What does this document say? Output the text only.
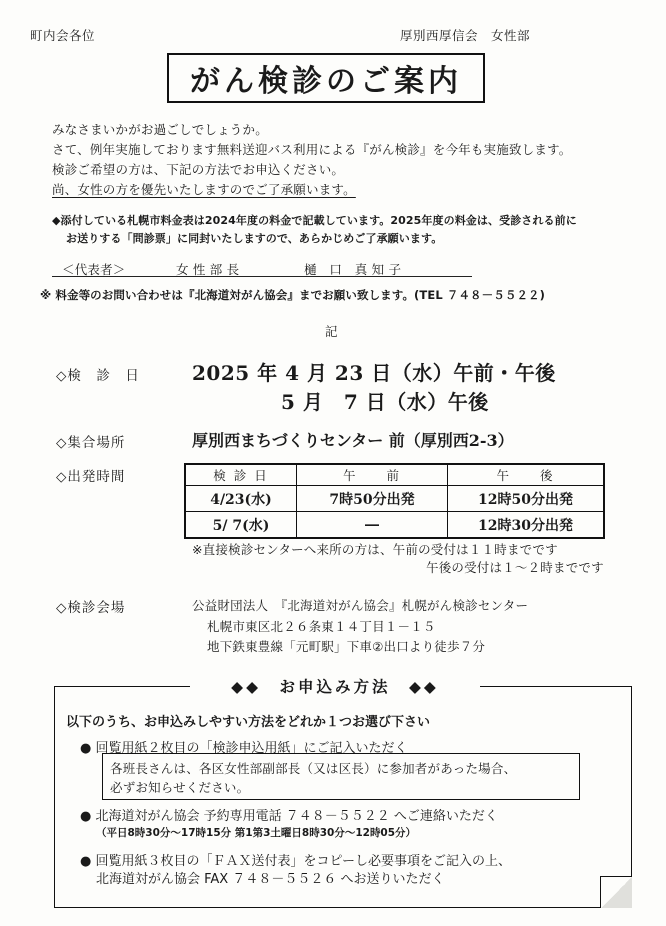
町内会各位	厚別西厚信会　女性部
がん検診のご案内
みなさまいかがお過ごしでしょうか。
さて、例年実施しております無料送迎バス利用による『がん検診』を今年も実施致します。
検診ご希望の方は、下記の方法でお申込ください。
尚、女性の方を優先いたしますのでご了承願います。
◆添付している札幌市料金表は2024年度の料金で記載しています。2025年度の料金は、受診される前に
お送りする「問診票」に同封いたしますので、あらかじめご了承願います。
＜代表者＞	女 性 部 長	樋　口　真 知 子
※ 料金等のお問い合わせは『北海道対がん協会』までお願い致します。(TEL ７４８－５５２２)
記
◇検　診　日	2025 年 4 月 23 日（水）午前・午後
5 月　7 日（水）午後
◇集合場所	厚別西まちづくりセンター 前（厚別西2-3）
◇出発時間	検 診 日	午　　前	午　　後
4/23(水)	7時50分出発	12時50分出発
5/ 7(水)	―	12時30分出発
※直接検診センターへ来所の方は、午前の受付は１１時までです
午後の受付は１～２時までです
◇検診会場	公益財団法人　『北海道対がん協会』札幌がん検診センター
札幌市東区北２６条東１４丁目１－１５
地下鉄東豊線「元町駅」下車②出口より徒歩７分
◆◆　お申込み方法　◆◆
以下のうち、お申込みしやすい方法をどれか１つお選び下さい
● 回覧用紙２枚目の「検診申込用紙」にご記入いただく
各班長さんは、各区女性部副部長（又は区長）に参加者があった場合、
必ずお知らせください。
● 北海道対がん協会 予約専用電話 ７４８－５５２２ へご連絡いただく
（平日8時30分～17時15分 第1第3土曜日8時30分～12時05分）
● 回覧用紙３枚目の「ＦＡＸ送付表」をコピーし必要事項をご記入の上、
北海道対がん協会 FAX ７４８－５５２６ へお送りいただく
